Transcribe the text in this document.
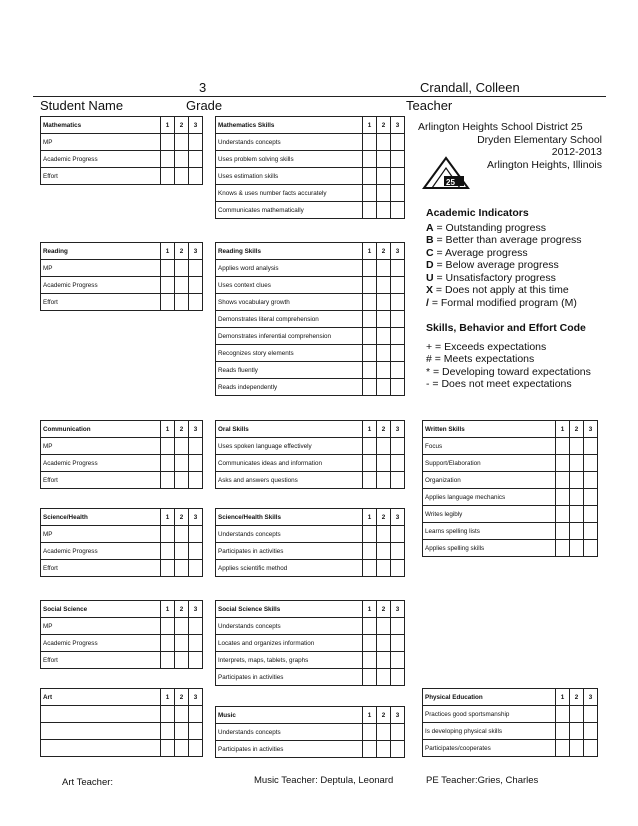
3	Crandall, Colleen
Student Name	Grade	Teacher
Mathematics	1	2	3
MP			
Academic Progress			
Effort			
Mathematics Skills	1	2	3
Understands concepts			
Uses problem solving skills			
Uses estimation skills			
Knows & uses number facts accurately			
Communicates mathematically			
Arlington Heights School District 25
Dryden Elementary School
2012-2013
Arlington Heights, Illinois
25
Academic Indicators
A = Outstanding progress
B = Better than average progress
C = Average progress
D = Below average progress
U = Unsatisfactory progress
X = Does not apply at this time
/ = Formal modified program (M)
Skills, Behavior and Effort Code
+ = Exceeds expectations
# = Meets expectations
* = Developing toward expectations
- = Does not meet expectations
Reading	1	2	3
MP			
Academic Progress			
Effort			
Reading Skills	1	2	3
Applies word analysis			
Uses context clues			
Shows vocabulary growth			
Demonstrates literal comprehension			
Demonstrates inferential comprehension			
Recognizes story elements			
Reads fluently			
Reads independently			
Communication	1	2	3
MP			
Academic Progress			
Effort			
Oral Skills	1	2	3
Uses spoken language effectively			
Communicates ideas and information			
Asks and answers questions			
Written Skills	1	2	3
Focus			
Support/Elaboration			
Organization			
Applies language mechanics			
Writes legibly			
Learns spelling lists			
Applies spelling skills			
Science/Health	1	2	3
MP			
Academic Progress			
Effort			
Science/Health Skills	1	2	3
Understands concepts			
Participates in activities			
Applies scientific method			
Social Science	1	2	3
MP			
Academic Progress			
Effort			
Social Science Skills	1	2	3
Understands concepts			
Locates and organizes information			
Interprets, maps, tablets, graphs			
Participates in activities			
Art	1	2	3

Music	1	2	3
Understands concepts			
Participates in activities			
Physical Education	1	2	3
Practices good sportsmanship			
Is developing physical skills			
Participates/cooperates			
Art Teacher:	Music Teacher: Deptula, Leonard	PE Teacher:Gries, Charles
